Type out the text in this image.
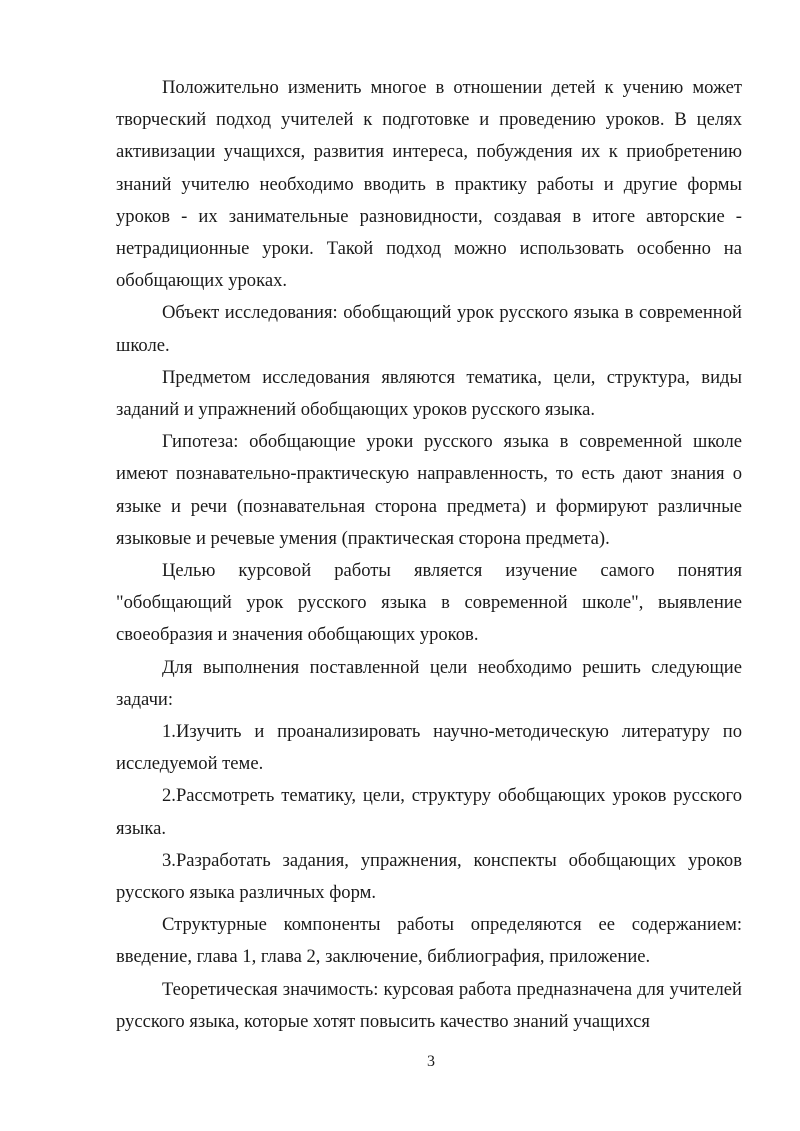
Положительно изменить многое в отношении детей к учению может творческий подход учителей к подготовке и проведению уроков. В целях активизации учащихся, развития интереса, побуждения их к приобретению знаний учителю необходимо вводить в практику работы и другие формы уроков - их занимательные разновидности, создавая в итоге авторские - нетрадиционные уроки. Такой подход можно использовать особенно на обобщающих уроках.

Объект исследования: обобщающий урок русского языка в современной школе.

Предметом исследования являются тематика, цели, структура, виды заданий и упражнений обобщающих уроков русского языка.

Гипотеза: обобщающие уроки русского языка в современной школе имеют познавательно-практическую направленность, то есть дают знания о языке и речи (познавательная сторона предмета) и формируют различные языковые и речевые умения (практическая сторона предмета).

Целью курсовой работы является изучение самого понятия "обобщающий урок русского языка в современной школе", выявление своеобразия и значения обобщающих уроков.

Для выполнения поставленной цели необходимо решить следующие задачи:

1.Изучить и проанализировать научно-методическую литературу по исследуемой теме.

2.Рассмотреть тематику, цели, структуру обобщающих уроков русского языка.

3.Разработать задания, упражнения, конспекты обобщающих уроков русского языка различных форм.

Структурные компоненты работы определяются ее содержанием: введение, глава 1, глава 2, заключение, библиография, приложение.

Теоретическая значимость: курсовая работа предназначена для учителей русского языка, которые хотят повысить качество знаний учащихся

3
